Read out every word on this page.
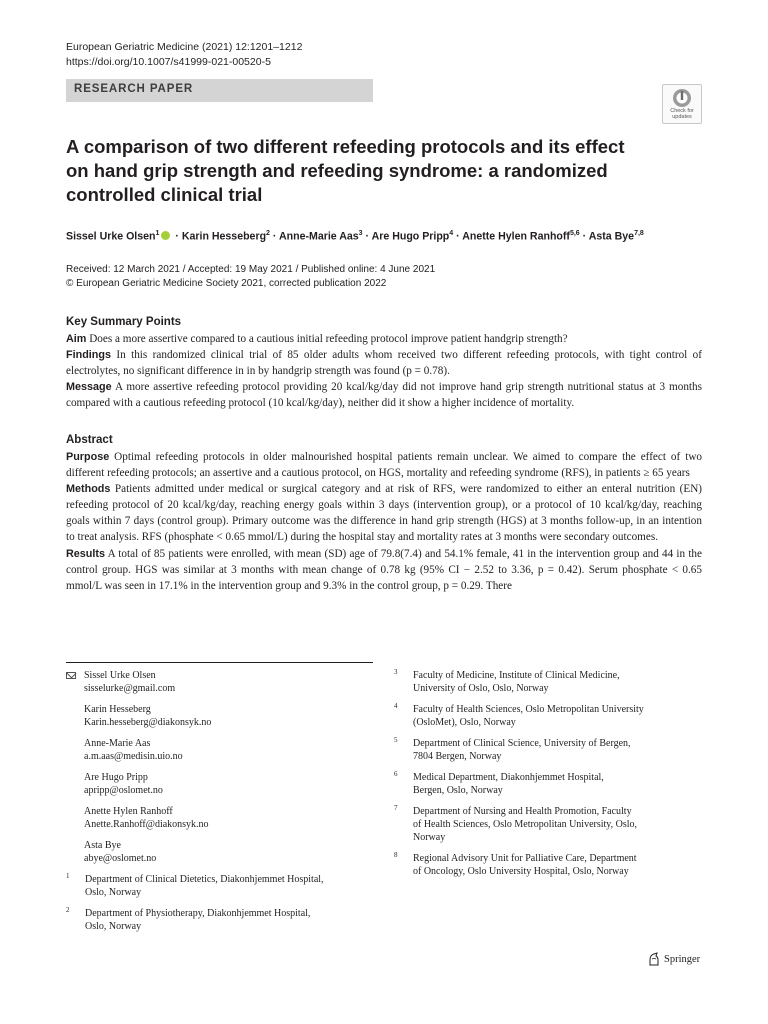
European Geriatric Medicine (2021) 12:1201–1212
https://doi.org/10.1007/s41999-021-00520-5
RESEARCH PAPER
Check for
updates
A comparison of two different refeeding protocols and its effect on hand grip strength and refeeding syndrome: a randomized controlled clinical trial
Sissel Urke Olsen$^1$ · Karin Hesseberg$^2$ · Anne-Marie Aas$^3$ · Are Hugo Pripp$^4$ · Anette Hylen Ranhoff$^{5,6}$ · Asta Bye$^{7,8}$
Received: 12 March 2021 / Accepted: 19 May 2021 / Published online: 4 June 2021
© European Geriatric Medicine Society 2021, corrected publication 2022
Key Summary Points
Aim Does a more assertive compared to a cautious initial refeeding protocol improve patient handgrip strength?
Findings In this randomized clinical trial of 85 older adults whom received two different refeeding protocols, with tight control of electrolytes, no significant difference in in by handgrip strength was found (p = 0.78).
Message A more assertive refeeding protocol providing 20 kcal/kg/day did not improve hand grip strength nutritional status at 3 months compared with a cautious refeeding protocol (10 kcal/kg/day), neither did it show a higher incidence of mortality.
Abstract
Purpose Optimal refeeding protocols in older malnourished hospital patients remain unclear. We aimed to compare the effect of two different refeeding protocols; an assertive and a cautious protocol, on HGS, mortality and refeeding syndrome (RFS), in patients ≥ 65 years
Methods Patients admitted under medical or surgical category and at risk of RFS, were randomized to either an enteral nutrition (EN) refeeding protocol of 20 kcal/kg/day, reaching energy goals within 3 days (intervention group), or a protocol of 10 kcal/kg/day, reaching goals within 7 days (control group). Primary outcome was the difference in hand grip strength (HGS) at 3 months follow-up, in an intention to treat analysis. RFS (phosphate < 0.65 mmol/L) during the hospital stay and mortality rates at 3 months were secondary outcomes.
Results A total of 85 patients were enrolled, with mean (SD) age of 79.8(7.4) and 54.1% female, 41 in the intervention group and 44 in the control group. HGS was similar at 3 months with mean change of 0.78 kg (95% CI − 2.52 to 3.36, p = 0.42). Serum phosphate < 0.65 mmol/L was seen in 17.1% in the intervention group and 9.3% in the control group, p = 0.29. There
Sissel Urke Olsen
sisselurke@gmail.com
Karin Hesseberg
Karin.hesseberg@diakonsyk.no
Anne-Marie Aas
a.m.aas@medisin.uio.no
Are Hugo Pripp
apripp@oslomet.no
Anette Hylen Ranhoff
Anette.Ranhoff@diakonsyk.no
Asta Bye
abye@oslomet.no
1 Department of Clinical Dietetics, Diakonhjemmet Hospital,
Oslo, Norway
2 Department of Physiotherapy, Diakonhjemmet Hospital,
Oslo, Norway
3 Faculty of Medicine, Institute of Clinical Medicine,
University of Oslo, Oslo, Norway
4 Faculty of Health Sciences, Oslo Metropolitan University
(OsloMet), Oslo, Norway
5 Department of Clinical Science, University of Bergen,
7804 Bergen, Norway
6 Medical Department, Diakonhjemmet Hospital,
Bergen, Oslo, Norway
7 Department of Nursing and Health Promotion, Faculty
of Health Sciences, Oslo Metropolitan University, Oslo,
Norway
8 Regional Advisory Unit for Palliative Care, Department
of Oncology, Oslo University Hospital, Oslo, Norway
Springer
